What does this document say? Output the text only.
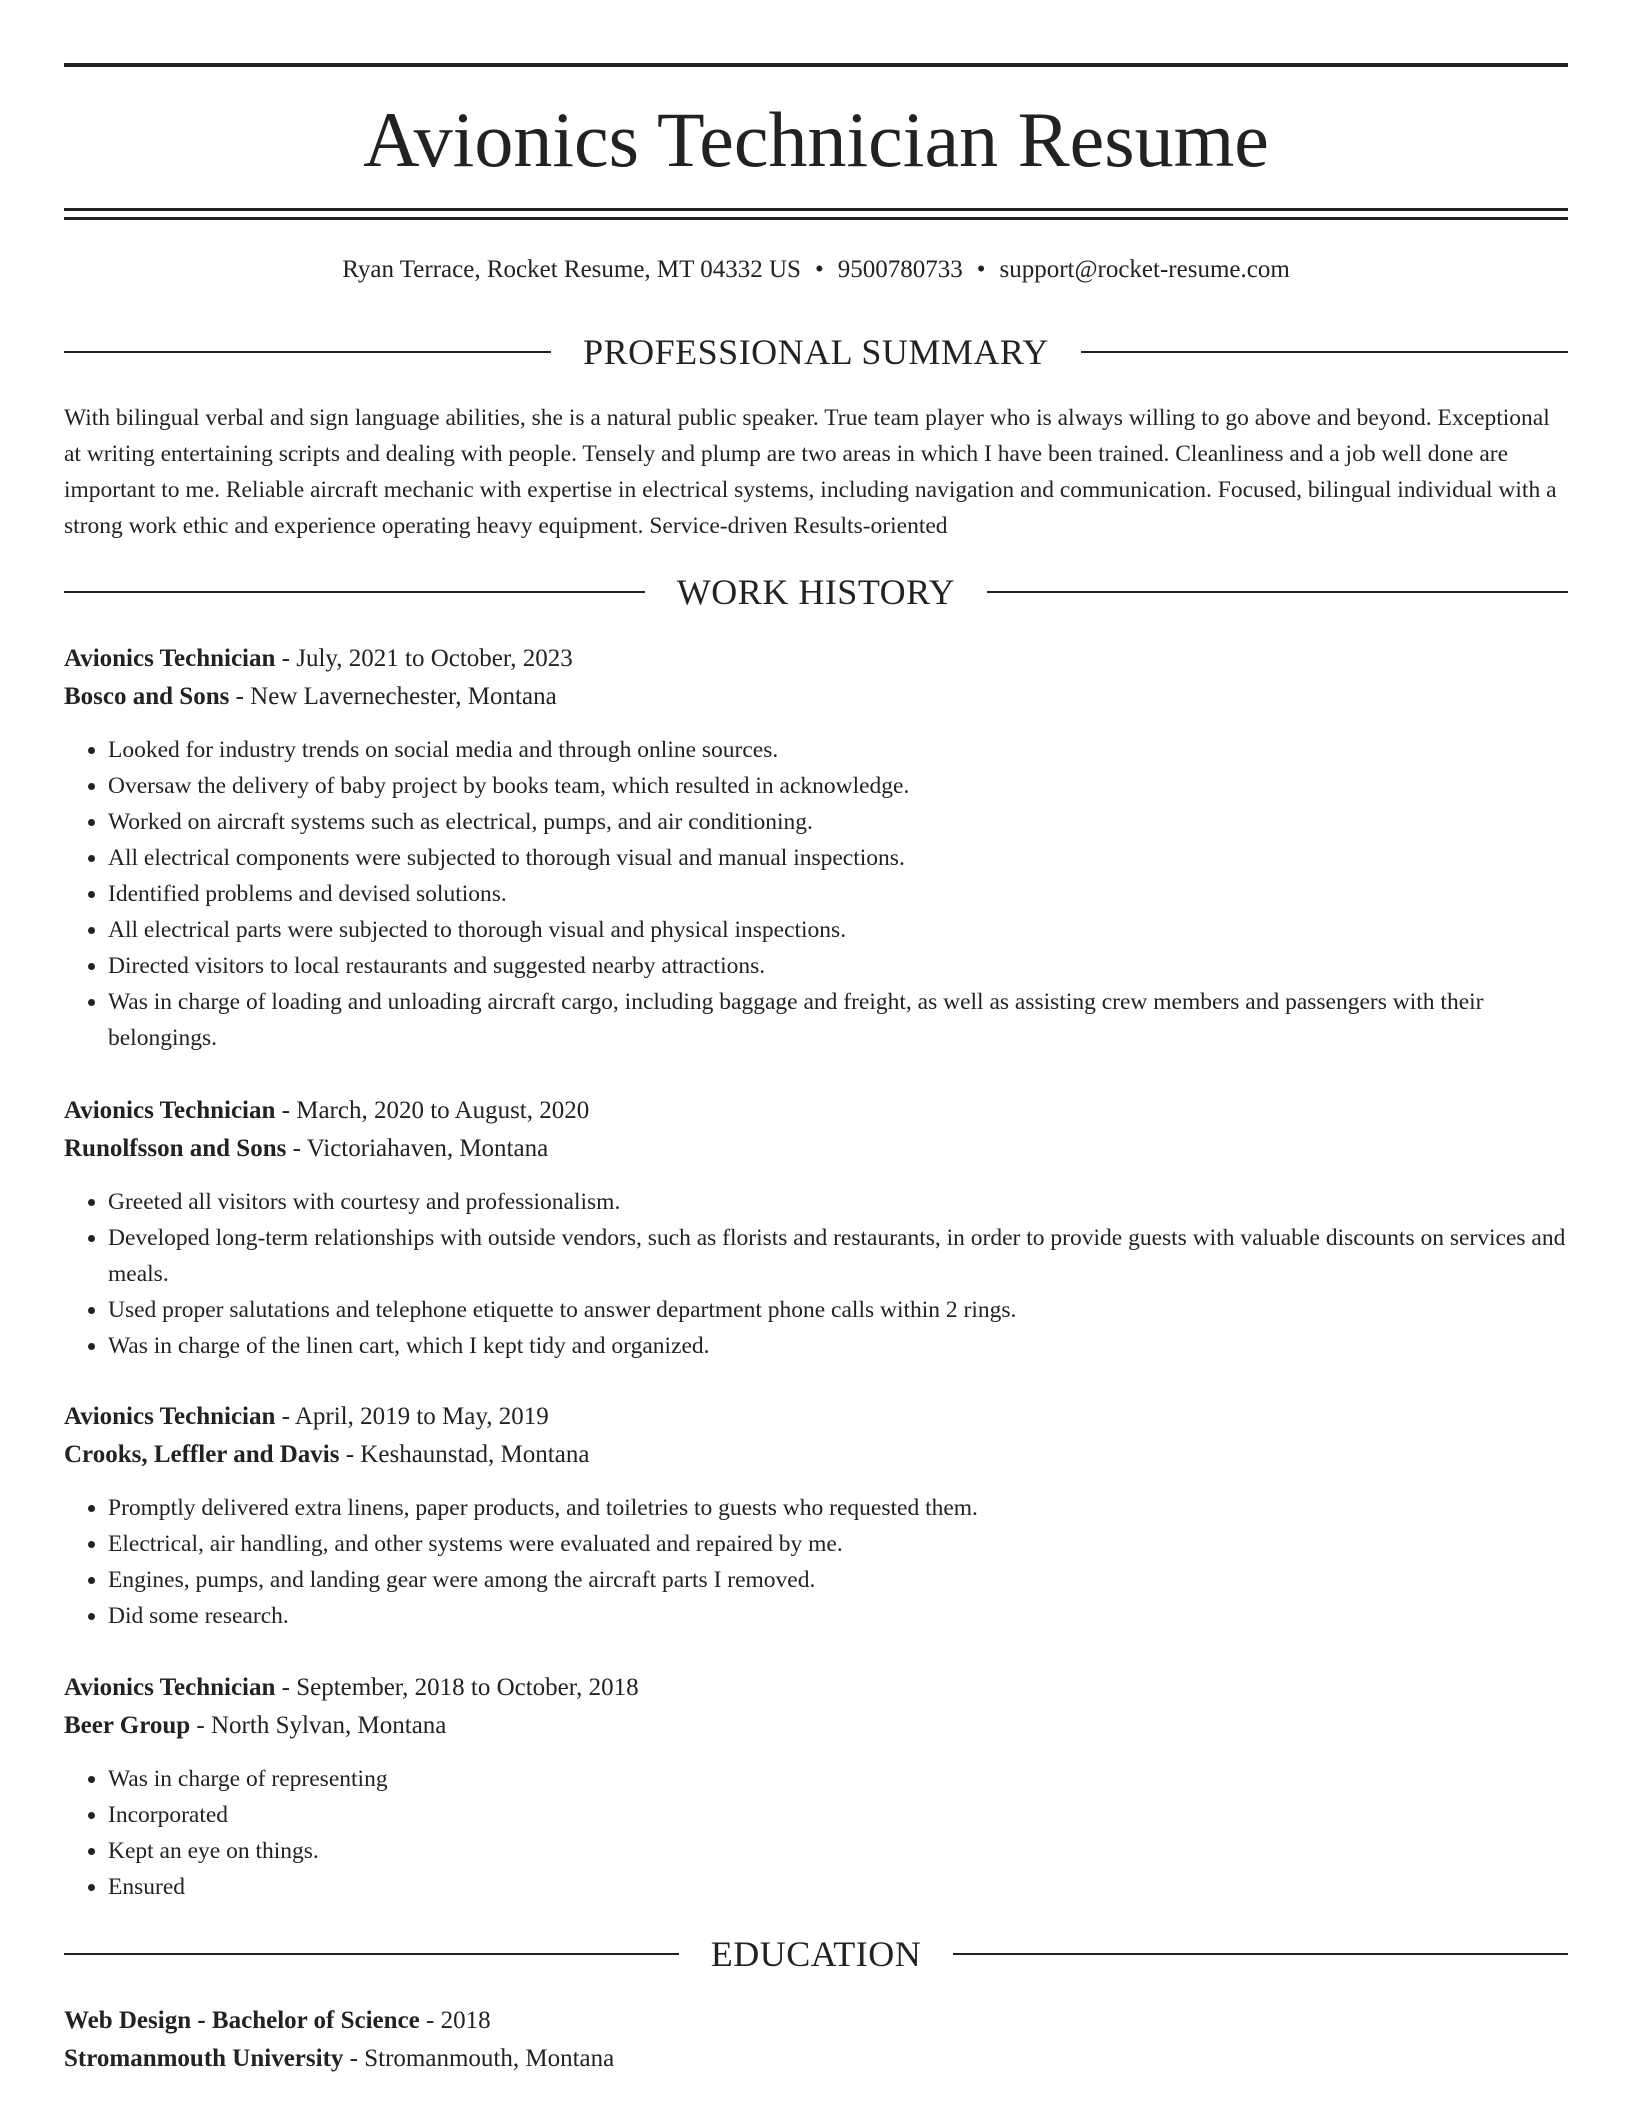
Avionics Technician Resume
Ryan Terrace, Rocket Resume, MT 04332 US • 9500780733 • support@rocket-resume.com
PROFESSIONAL SUMMARY

With bilingual verbal and sign language abilities, she is a natural public speaker. True team player who is always willing to go above and beyond. Exceptional at writing entertaining scripts and dealing with people. Tensely and plump are two areas in which I have been trained. Cleanliness and a job well done are important to me. Reliable aircraft mechanic with expertise in electrical systems, including navigation and communication. Focused, bilingual individual with a strong work ethic and experience operating heavy equipment. Service-driven Results-oriented

WORK HISTORY

Avionics Technician - July, 2021 to October, 2023

Bosco and Sons - New Lavernechester, Montana

• Looked for industry trends on social media and through online sources.
• Oversaw the delivery of baby project by books team, which resulted in acknowledge.
• Worked on aircraft systems such as electrical, pumps, and air conditioning.
• All electrical components were subjected to thorough visual and manual inspections.
• Identified problems and devised solutions.
• All electrical parts were subjected to thorough visual and physical inspections.
• Directed visitors to local restaurants and suggested nearby attractions.
• Was in charge of loading and unloading aircraft cargo, including baggage and freight, as well as assisting crew members and passengers with their belongings.

Avionics Technician - March, 2020 to August, 2020

Runolfsson and Sons - Victoriahaven, Montana

• Greeted all visitors with courtesy and professionalism.
• Developed long-term relationships with outside vendors, such as florists and restaurants, in order to provide guests with valuable discounts on services and meals.
• Used proper salutations and telephone etiquette to answer department phone calls within 2 rings.
• Was in charge of the linen cart, which I kept tidy and organized.

Avionics Technician - April, 2019 to May, 2019

Crooks, Leffler and Davis - Keshaunstad, Montana

• Promptly delivered extra linens, paper products, and toiletries to guests who requested them.
• Electrical, air handling, and other systems were evaluated and repaired by me.
• Engines, pumps, and landing gear were among the aircraft parts I removed.
• Did some research.

Avionics Technician - September, 2018 to October, 2018

Beer Group - North Sylvan, Montana

• Was in charge of representing
• Incorporated
• Kept an eye on things.
• Ensured
EDUCATION

Web Design - Bachelor of Science - 2018

Stromanmouth University - Stromanmouth, Montana
